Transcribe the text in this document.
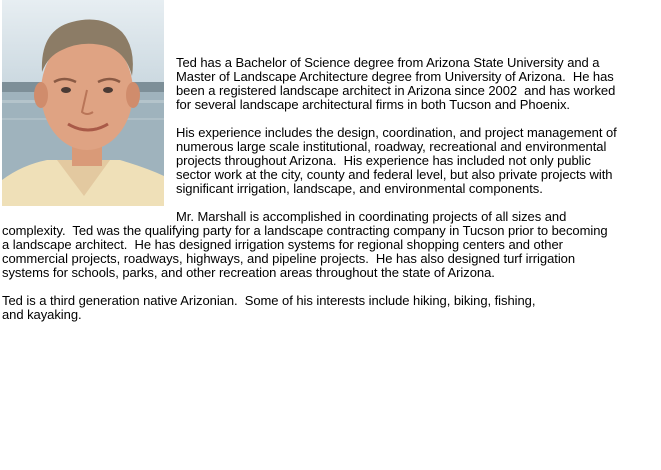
Ted has a Bachelor of Science degree from Arizona State University and a
Master of Landscape Architecture degree from University of Arizona.  He has
been a registered landscape architect in Arizona since 2002  and has worked
for several landscape architectural firms in both Tucson and Phoenix.
His experience includes the design, coordination, and project management of
numerous large scale institutional, roadway, recreational and environmental
projects throughout Arizona.  His experience has included not only public
sector work at the city, county and federal level, but also private projects with
significant irrigation, landscape, and environmental components.
Mr. Marshall is accomplished in coordinating projects of all sizes and
complexity.  Ted was the qualifying party for a landscape contracting company in Tucson prior to becoming
a landscape architect.  He has designed irrigation systems for regional shopping centers and other
commercial projects, roadways, highways, and pipeline projects.  He has also designed turf irrigation
systems for schools, parks, and other recreation areas throughout the state of Arizona.
Ted is a third generation native Arizonian.  Some of his interests include hiking, biking, fishing,
and kayaking.
